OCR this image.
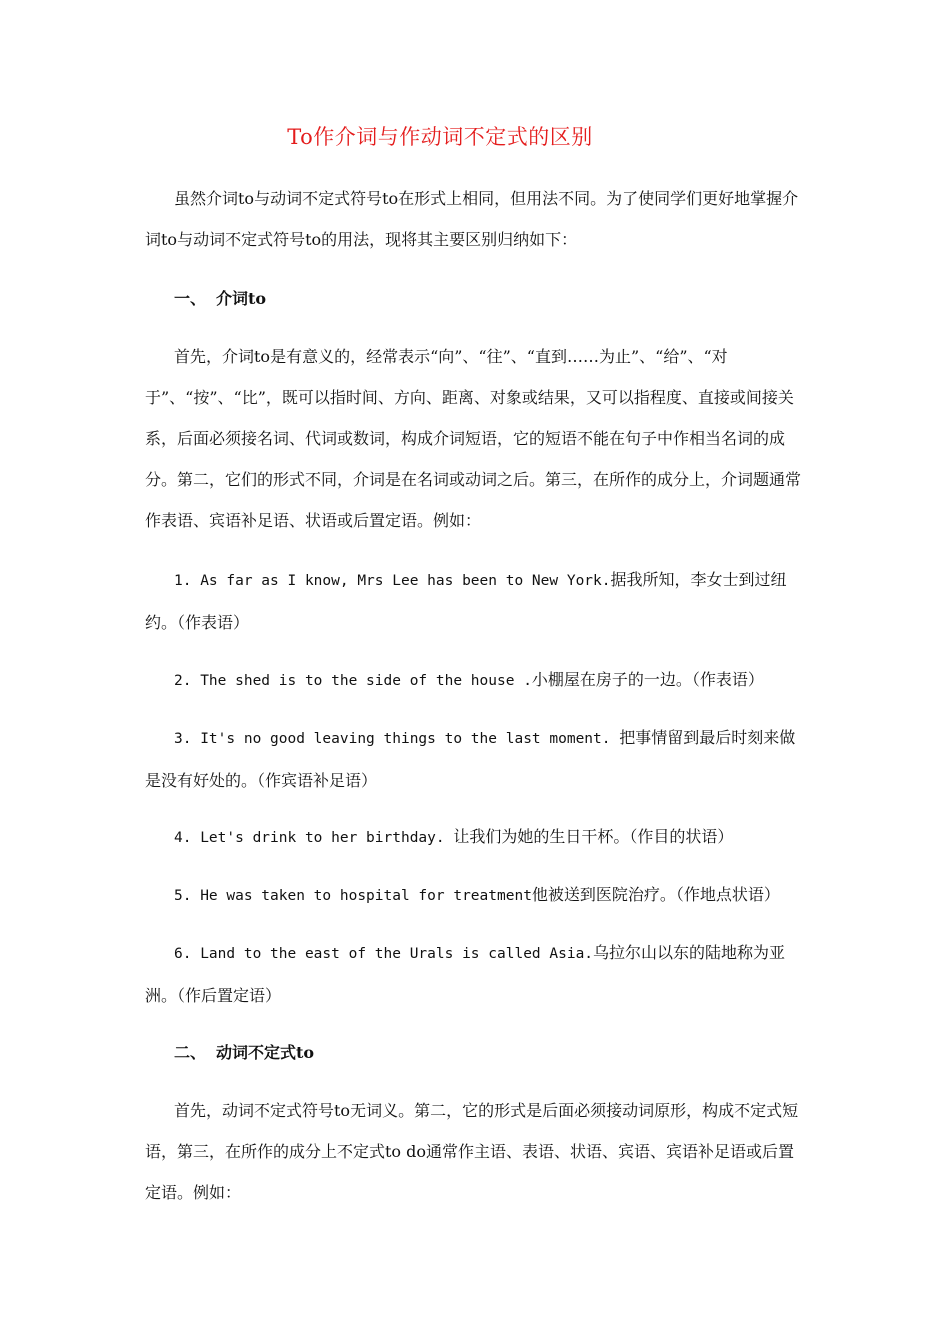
To作介词与作动词不定式的区别

虽然介词to与动词不定式符号to在形式上相同，但用法不同。为了使同学们更好地掌握介词to与动词不定式符号to的用法，现将其主要区别归纳如下：

一、 介词to

首先，介词to是有意义的，经常表示“向”、“往”、“直到……为止”、“给”、“对于”、“按”、“比”，既可以指时间、方向、距离、对象或结果，又可以指程度、直接或间接关系，后面必须接名词、代词或数词，构成介词短语，它的短语不能在句子中作相当名词的成分。第二，它们的形式不同，介词是在名词或动词之后。第三，在所作的成分上，介词题通常作表语、宾语补足语、状语或后置定语。例如：

1. As far as I know, Mrs Lee has been to New York.据我所知，李女士到过纽约。（作表语）

2. The shed is to the side of the house .小棚屋在房子的一边。（作表语）

3. It's no good leaving things to the last moment. 把事情留到最后时刻来做是没有好处的。（作宾语补足语）

4. Let's drink to her birthday. 让我们为她的生日干杯。（作目的状语）

5. He was taken to hospital for treatment他被送到医院治疗。（作地点状语）

6. Land to the east of the Urals is called Asia.乌拉尔山以东的陆地称为亚洲。（作后置定语）

二、 动词不定式to

首先，动词不定式符号to无词义。第二，它的形式是后面必须接动词原形，构成不定式短语，第三，在所作的成分上不定式to do通常作主语、表语、状语、宾语、宾语补足语或后置定语。例如：
